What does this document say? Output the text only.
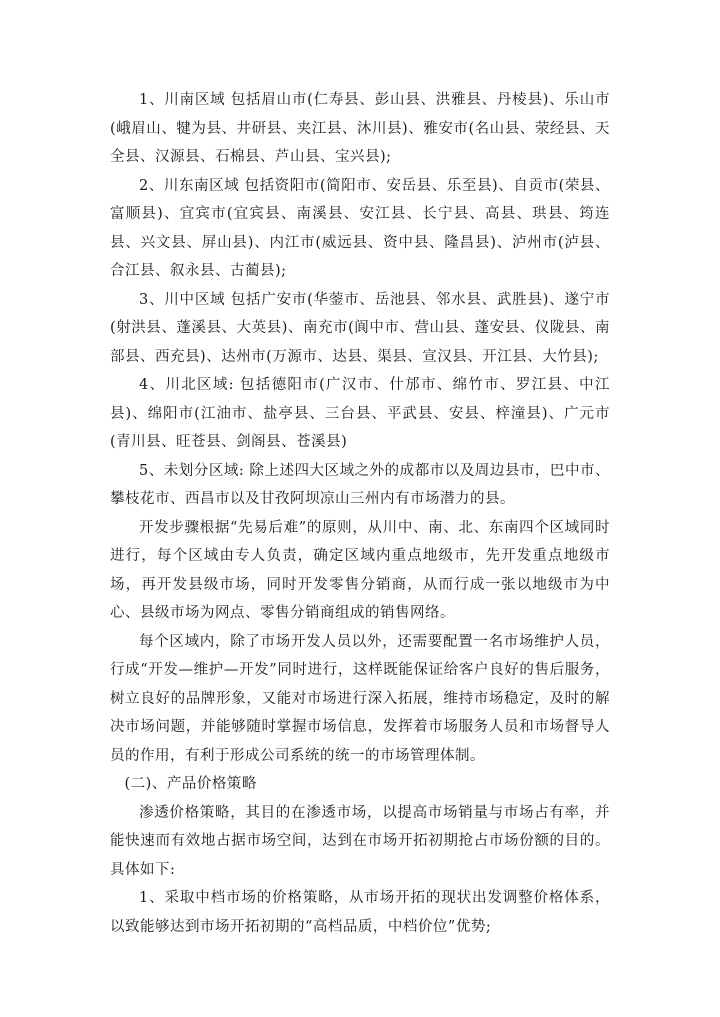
1、川南区域 包括眉山市(仁寿县、彭山县、洪雅县、丹棱县)、乐山市(峨眉山、犍为县、井研县、夹江县、沐川县)、雅安市(名山县、荥经县、天全县、汉源县、石棉县、芦山县、宝兴县);

2、川东南区域 包括资阳市(简阳市、安岳县、乐至县)、自贡市(荣县、富顺县)、宜宾市(宜宾县、南溪县、安江县、长宁县、高县、珙县、筠连县、兴文县、屏山县)、内江市(威远县、资中县、隆昌县)、泸州市(泸县、合江县、叙永县、古蔺县);

3、川中区域 包括广安市(华蓥市、岳池县、邻水县、武胜县)、遂宁市(射洪县、蓬溪县、大英县)、南充市(阆中市、营山县、蓬安县、仪陇县、南部县、西充县)、达州市(万源市、达县、渠县、宣汉县、开江县、大竹县);

4、川北区域: 包括德阳市(广汉市、什邡市、绵竹市、罗江县、中江县)、绵阳市(江油市、盐亭县、三台县、平武县、安县、梓潼县)、广元市(青川县、旺苍县、剑阁县、苍溪县)

5、未划分区域: 除上述四大区域之外的成都市以及周边县市，巴中市、攀枝花市、西昌市以及甘孜阿坝凉山三州内有市场潜力的县。

开发步骤根据“先易后难”的原则，从川中、南、北、东南四个区域同时进行，每个区域由专人负责，确定区域内重点地级市，先开发重点地级市场，再开发县级市场，同时开发零售分销商，从而行成一张以地级市为中心、县级市场为网点、零售分销商组成的销售网络。

每个区域内，除了市场开发人员以外，还需要配置一名市场维护人员，行成“开发—维护—开发”同时进行，这样既能保证给客户良好的售后服务，树立良好的品牌形象，又能对市场进行深入拓展，维持市场稳定，及时的解决市场问题，并能够随时掌握市场信息，发挥着市场服务人员和市场督导人员的作用，有利于形成公司系统的统一的市场管理体制。

(二)、产品价格策略

渗透价格策略，其目的在渗透市场，以提高市场销量与市场占有率，并能快速而有效地占据市场空间，达到在市场开拓初期抢占市场份额的目的。具体如下:

1、采取中档市场的价格策略，从市场开拓的现状出发调整价格体系，以致能够达到市场开拓初期的“高档品质，中档价位”优势;
